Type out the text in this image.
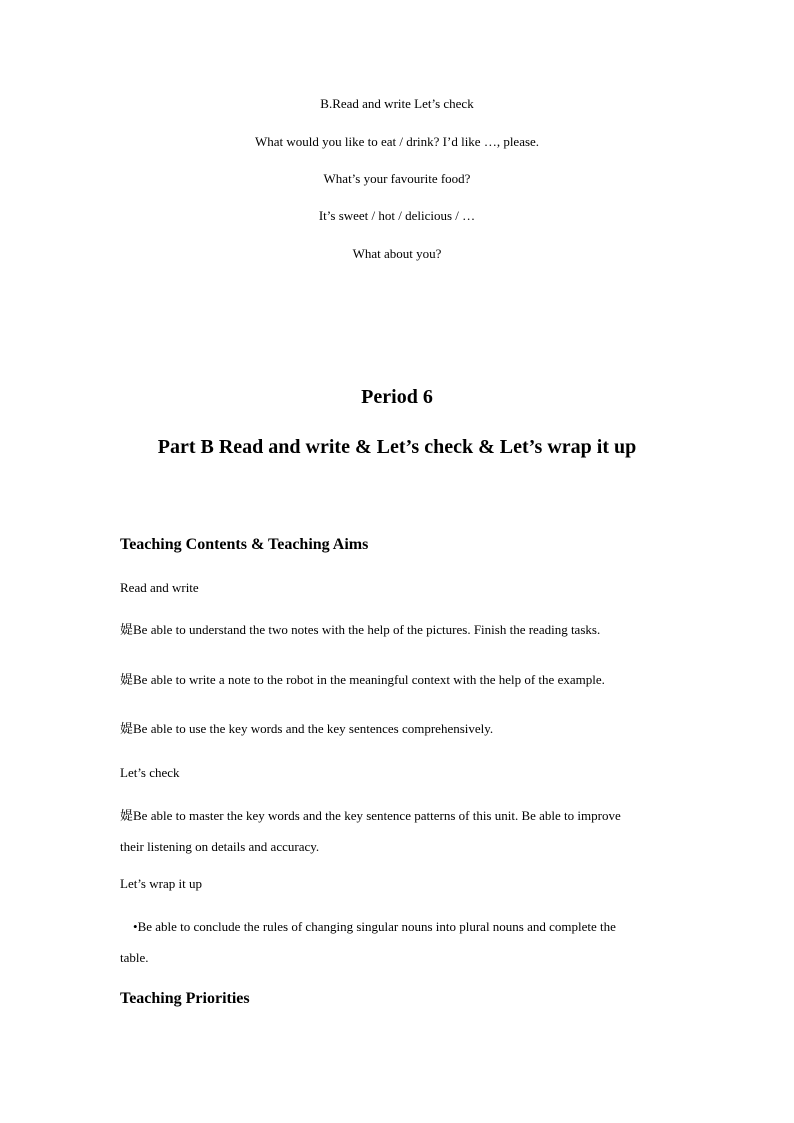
B.Read and write Let’s check
What would you like to eat / drink? I’d like …, please.
What’s your favourite food?
It’s sweet / hot / delicious / …
What about you?
Period 6
Part B Read and write & Let’s check & Let’s wrap it up
Teaching Contents & Teaching Aims
Read and write
媞Be able to understand the two notes with the help of the pictures. Finish the reading tasks.
媞Be able to write a note to the robot in the meaningful context with the help of the example.
媞Be able to use the key words and the key sentences comprehensively.
Let’s check
媞Be able to master the key words and the key sentence patterns of this unit. Be able to improve
their listening on details and accuracy.
Let’s wrap it up
•Be able to conclude the rules of changing singular nouns into plural nouns and complete the
table.
Teaching Priorities
